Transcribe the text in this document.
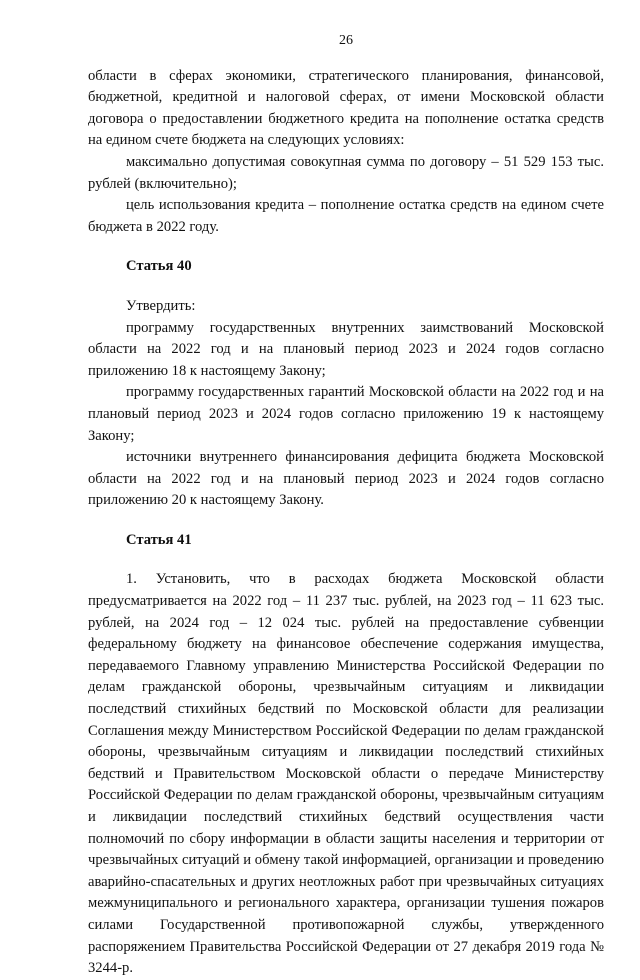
26

области в сферах экономики, стратегического планирования, финансовой, бюджетной, кредитной и налоговой сферах, от имени Московской области договора о предоставлении бюджетного кредита на пополнение остатка средств на едином счете бюджета на следующих условиях:

максимально допустимая совокупная сумма по договору – 51 529 153 тыс. рублей (включительно);

цель использования кредита – пополнение остатка средств на едином счете бюджета в 2022 году.

Статья 40

Утвердить:

программу государственных внутренних заимствований Московской области на 2022 год и на плановый период 2023 и 2024 годов согласно приложению 18 к настоящему Закону;

программу государственных гарантий Московской области на 2022 год и на плановый период 2023 и 2024 годов согласно приложению 19 к настоящему Закону;

источники внутреннего финансирования дефицита бюджета Московской области на 2022 год и на плановый период 2023 и 2024 годов согласно приложению 20 к настоящему Закону.

Статья 41

1. Установить, что в расходах бюджета Московской области предусматривается на 2022 год – 11 237 тыс. рублей, на 2023 год – 11 623 тыс. рублей, на 2024 год – 12 024 тыс. рублей на предоставление субвенции федеральному бюджету на финансовое обеспечение содержания имущества, передаваемого Главному управлению Министерства Российской Федерации по делам гражданской обороны, чрезвычайным ситуациям и ликвидации последствий стихийных бедствий по Московской области для реализации Соглашения между Министерством Российской Федерации по делам гражданской обороны, чрезвычайным ситуациям и ликвидации последствий стихийных бедствий и Правительством Московской области о передаче Министерству Российской Федерации по делам гражданской обороны, чрезвычайным ситуациям и ликвидации последствий стихийных бедствий осуществления части полномочий по сбору информации в области защиты населения и территории от чрезвычайных ситуаций и обмену такой информацией, организации и проведению аварийно-спасательных и других неотложных работ при чрезвычайных ситуациях межмуниципального и регионального характера, организации тушения пожаров силами Государственной противопожарной службы, утвержденного распоряжением Правительства Российской Федерации от 27 декабря 2019 года № 3244-р.
